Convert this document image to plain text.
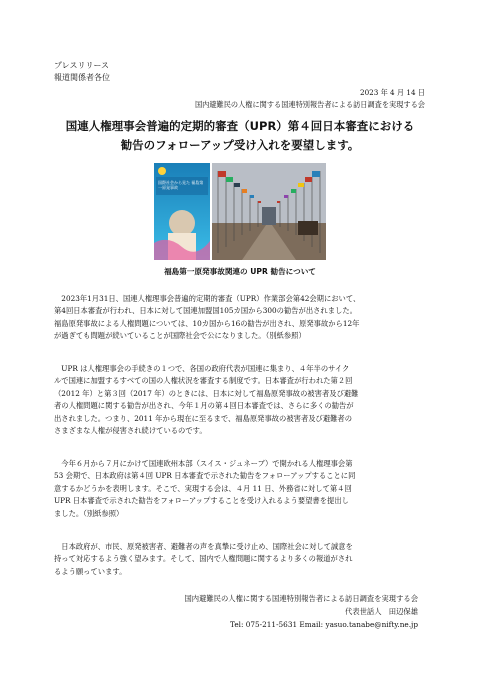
プレスリリース
報道関係者各位
2023 年 4 月 14 日
国内避難民の人権に関する国連特別報告者による訪日調査を実現する会
国連人権理事会普遍的定期的審査（UPR）第４回日本審査における
勧告のフォローアップ受け入れを要望します。
国際社会から見た 福島第一原発事故
福島第一原発事故関連の UPR 勧告について
　2023年1月31日、国連人権理事会普遍的定期的審査（UPR）作業部会第42会期において、
第4回日本審査が行われ、日本に対して国連加盟国105カ国から300の勧告が出されました。
福島原発事故による人権問題については、10カ国から16の勧告が出され、原発事故から12年
が過ぎても問題が続いていることが国際社会で公になりました。（別紙参照）
　UPR は人権理事会の手続きの１つで、各国の政府代表が国連に集まり、４年半のサイク
ルで国連に加盟するすべての国の人権状況を審査する制度です。日本審査が行われた第２回
（2012 年）と第３回（2017 年）のときには、日本に対して福島原発事故の被害者及び避難
者の人権問題に関する勧告が出され、今年１月の第４回日本審査では、さらに多くの勧告が
出されました。つまり、2011 年から現在に至るまで、福島原発事故の被害者及び避難者の
さまざまな人権が侵害され続けているのです。
　今年６月から７月にかけて国連欧州本部（スイス・ジュネーブ）で開かれる人権理事会第
53 会期で、日本政府は第４回 UPR 日本審査で示された勧告をフォローアップすることに同
意するかどうかを表明します。そこで、実現する会は、４月 11 日、外務省に対して第４回
UPR 日本審査で示された勧告をフォローアップすることを受け入れるよう要望書を提出し
ました。（別紙参照）
　日本政府が、市民、原発被害者、避難者の声を真摯に受け止め、国際社会に対して誠意を
持って対応するよう強く望みます。そして、国内で人権問題に関するより多くの報道がされ
るよう願っています。
国内避難民の人権に関する国連特別報告者による訪日調査を実現する会
代表世話人　田辺保雄
Tel: 075-211-5631 Email: yasuo.tanabe@nifty.ne.jp
